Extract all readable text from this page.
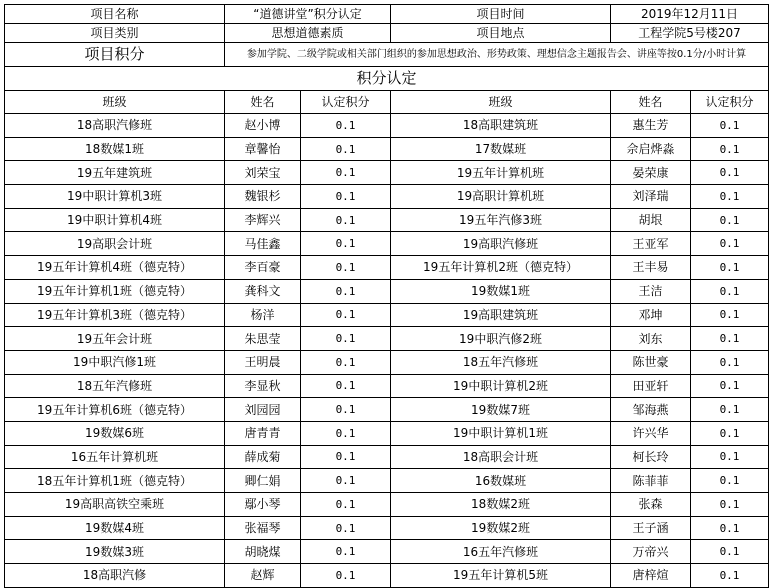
项目名称	“道德讲堂”积分认定		项目时间	2019年12月11日	
项目类别	思想道德素质		项目地点	工程学院5号楼207	
项目积分	参加学院、二级学院或相关部门组织的参加思想政治、形势政策、理想信念主题报告会、讲座等按0.1分/小时计算				
积分认定					
班级	姓名	认定积分	班级	姓名	认定积分
18高职汽修班	赵小博	0.1	18高职建筑班	惠生芳	0.1
18数媒1班	章馨怡	0.1	17数媒班	佘启烨淼	0.1
19五年建筑班	刘荣宝	0.1	19五年计算机班	晏荣康	0.1
19中职计算机3班	魏银杉	0.1	19高职计算机班	刘泽瑞	0.1
19中职计算机4班	李辉兴	0.1	19五年汽修3班	胡垠	0.1
19高职会计班	马佳鑫	0.1	19高职汽修班	王亚军	0.1
19五年计算机4班（德克特）	李百豪	0.1	19五年计算机2班（德克特）	王丰易	0.1
19五年计算机1班（德克特）	龚科文	0.1	19数媒1班	王洁	0.1
19五年计算机3班（德克特）	杨洋	0.1	19高职建筑班	邓坤	0.1
19五年会计班	朱思莹	0.1	19中职汽修2班	刘东	0.1
19中职汽修1班	王明晨	0.1	18五年汽修班	陈世豪	0.1
18五年汽修班	李显秋	0.1	19中职计算机2班	田亚轩	0.1
19五年计算机6班（德克特）	刘园园	0.1	19数媒7班	邹海燕	0.1
19数媒6班	唐青青	0.1	19中职计算机1班	许兴华	0.1
16五年计算机班	薛成菊	0.1	18高职会计班	柯长玲	0.1
18五年计算机1班（德克特）	卿仁娟	0.1	16数媒班	陈菲菲	0.1
19高职高铁空乘班	鄢小琴	0.1	18数媒2班	张森	0.1
19数媒4班	张福琴	0.1	19数媒2班	王子涵	0.1
19数媒3班	胡晓煤	0.1	16五年汽修班	万帝兴	0.1
18高职汽修	赵辉	0.1	19五年计算机5班	唐梓煊	0.1
